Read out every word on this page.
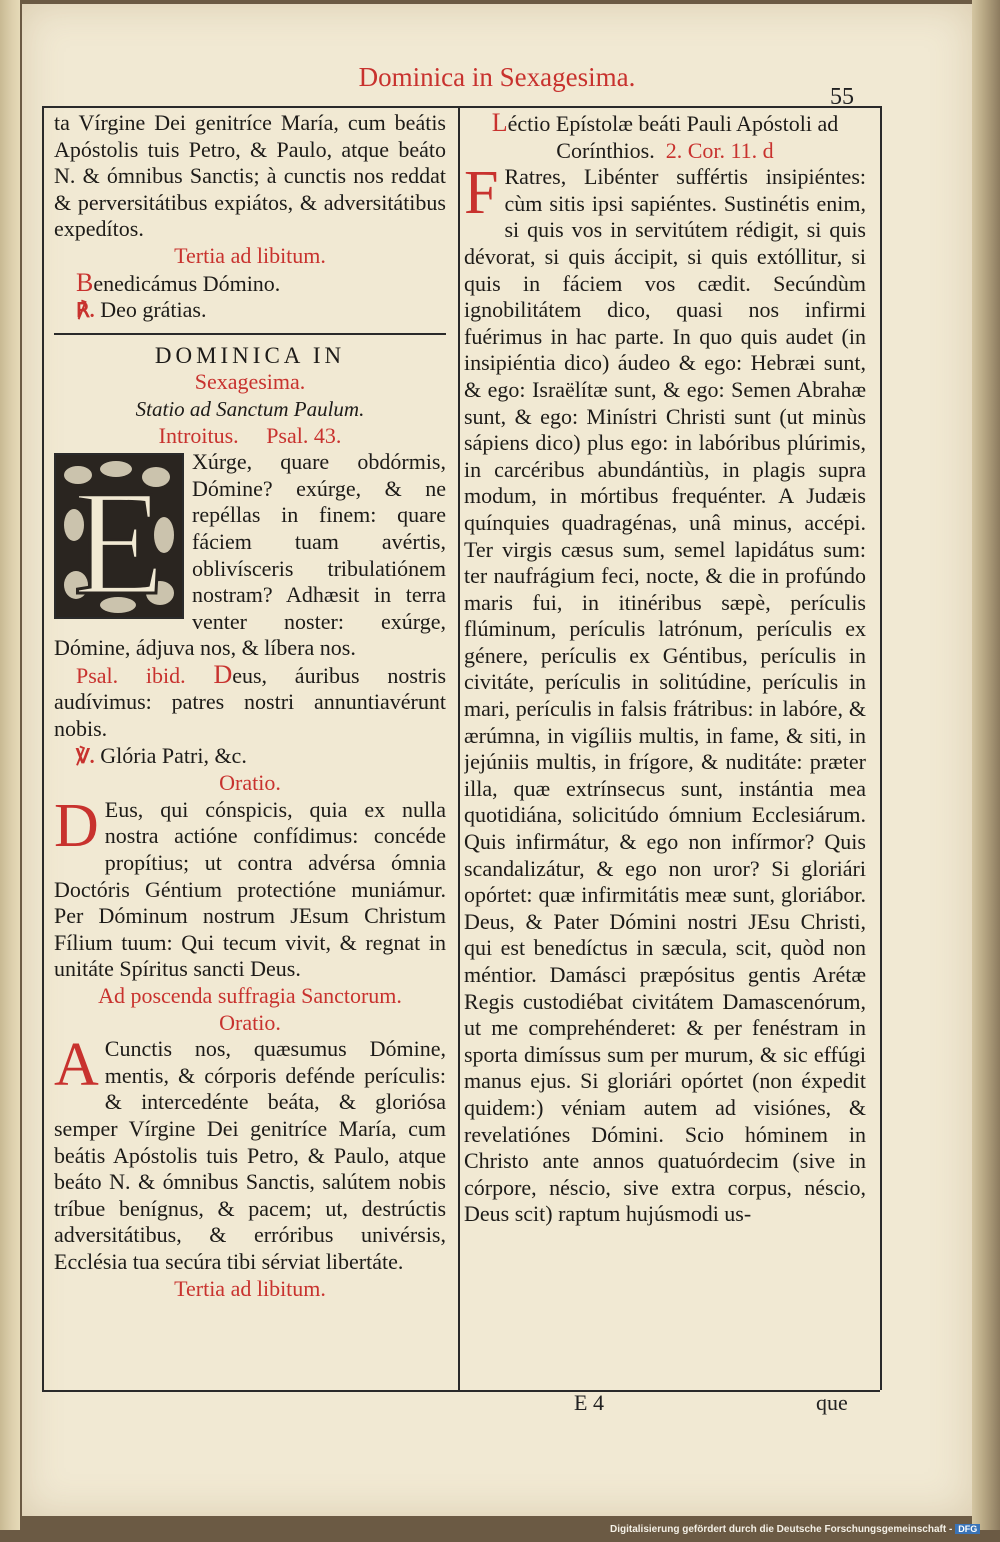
Dominica in Sexagesima.
55

ta Vírgine Dei genitríce María, cum beátis Apóstolis tuis Petro, & Paulo, atque beáto N. & ómnibus Sanctis; à cunctis nos reddat & perversitátibus expiátos, & adversitátibus expedítos.

Tertia ad libitum.

Benedicámus Dómino.

℟. Deo grátias.

DOMINICA IN

Sexagesima.

Statio ad Sanctum Paulum.

Introitus. Psal. 43.

E	Xúrge, quare obdórmis, Dómine? exúrge, & ne repéllas in finem: quare fáciem tuam avértis, oblivísceris tribulatiónem nostram? Adhæsit in terra venter noster: exúrge, Dómine, ádjuva nos, & líbera nos.

Psal. ibid. Deus, áuribus nostris audívimus: patres nostri annuntiavérunt nobis.

℣. Glória Patri, &c.

Oratio.

D Eus, qui cónspicis, quia ex nulla nostra actióne confídimus: concéde propítius; ut contra advérsa ómnia Doctóris Géntium protectióne muniámur. Per Dóminum nostrum JEsum Christum Fílium tuum: Qui tecum vivit, & regnat in unitáte Spíritus sancti Deus.

Ad poscenda suffragia Sanctorum.

Oratio.

A Cunctis nos, quæsumus Dómine, mentis, & córporis defénde perículis: & intercedénte beáta, & gloriósa semper Vírgine Dei genitríce María, cum beátis Apóstolis tuis Petro, & Paulo, atque beáto N. & ómnibus Sanctis, salútem nobis tríbue benígnus, & pacem; ut, destrúctis adversitátibus, & erróribus univérsis, Ecclésia tua secúra tibi sérviat libertáte.

Tertia ad libitum.

Léctio Epístolæ beáti Pauli Apóstoli ad Corínthios. 2. Cor. 11. d

F Ratres, Libénter suffértis insipiéntes: cùm sitis ipsi sapiéntes. Sustinétis enim, si quis vos in servitútem rédigit, si quis dévorat, si quis áccipit, si quis extóllitur, si quis in fáciem vos cædit. Secúndùm ignobilitátem dico, quasi nos infirmi fuérimus in hac parte. In quo quis audet (in insipiéntia dico) áudeo & ego: Hebræi sunt, & ego: Israëlítæ sunt, & ego: Semen Abrahæ sunt, & ego: Minístri Christi sunt (ut minùs sápiens dico) plus ego: in labóribus plúrimis, in carcéribus abundántiùs, in plagis supra modum, in mórtibus frequénter. A Judæis quínquies quadragénas, unâ minus, accépi. Ter virgis cæsus sum, semel lapidátus sum: ter naufrágium feci, nocte, & die in profúndo maris fui, in itinéribus sæpè, perículis flúminum, perículis latrónum, perículis ex génere, perículis ex Géntibus, perículis in civitáte, perículis in solitúdine, perículis in mari, perículis in falsis frátribus: in labóre, & ærúmna, in vigíliis multis, in fame, & siti, in jejúniis multis, in frígore, & nuditáte: præter illa, quæ extrínsecus sunt, instántia mea quotidiána, solicitúdo ómnium Ecclesiárum. Quis infirmátur, & ego non infírmor? Quis scandalizátur, & ego non uror? Si gloriári opórtet: quæ infirmitátis meæ sunt, gloriábor. Deus, & Pater Dómini nostri JEsu Christi, qui est benedíctus in sæcula, scit, quòd non méntior. Damásci præpósitus gentis Arétæ Regis custodiébat civitátem Damascenórum, ut me comprehénderet: & per fenéstram in sporta dimíssus sum per murum, & sic effúgi manus ejus. Si gloriári opórtet (non éxpedit quidem:) véniam autem ad visiónes, & revelatiónes Dómini. Scio hóminem in Christo ante annos quatuórdecim (sive in córpore, néscio, sive extra corpus, néscio, Deus scit) raptum hujúsmodi us-

E 4	que
Digitalisierung gefördert durch die Deutsche Forschungsgemeinschaft - DFG
